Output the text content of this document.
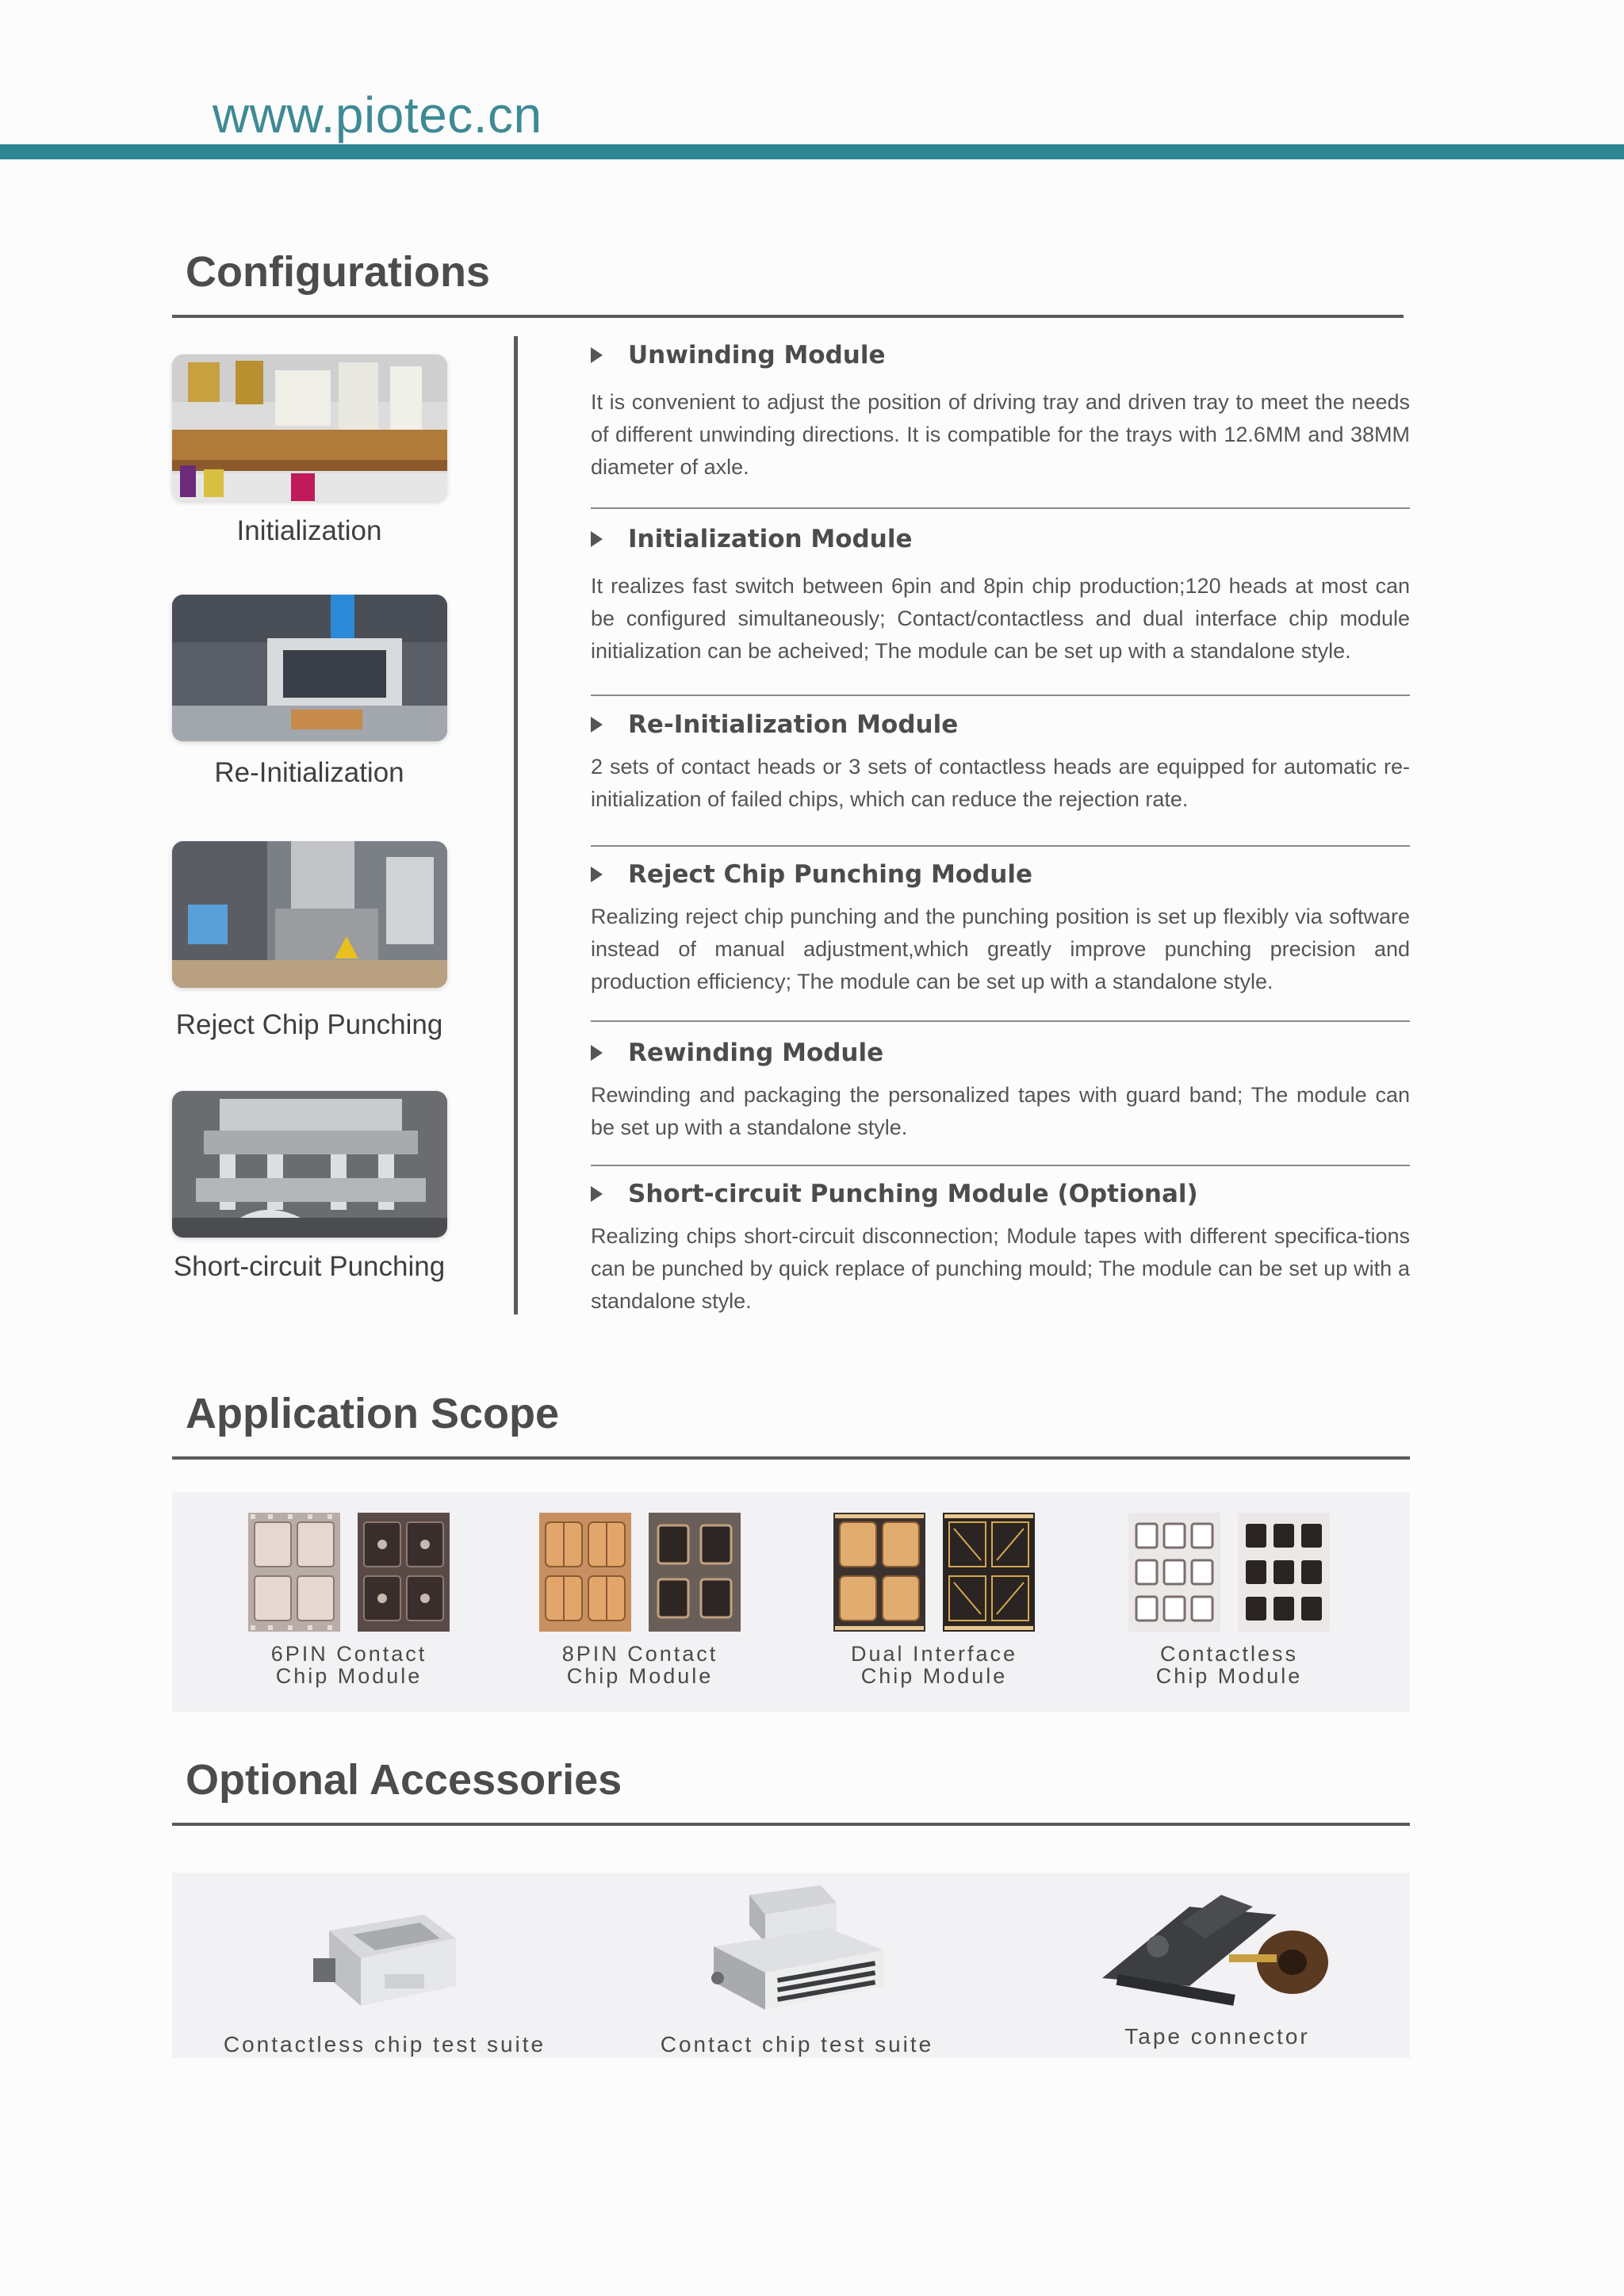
www.piotec.cn
Configurations
Initialization
Re-Initialization
Reject Chip Punching
Short-circuit Punching
Unwinding Module
It is convenient to adjust the position of driving tray and driven tray to meet the needs of different unwinding directions. It is compatible for the trays with 12.6MM and 38MM diameter of axle.
Initialization Module
It realizes fast switch between 6pin and 8pin chip production;120 heads at most can be configured simultaneously; Contact/contactless and dual interface chip module initialization can be acheived; The module can be set up with a standalone style.
Re-Initialization Module
2 sets of contact heads or 3 sets of contactless heads are equipped for automatic re-initialization of failed chips, which can reduce the rejection rate.
Reject Chip Punching Module
Realizing reject chip punching and the punching position is set up flexibly via software instead of manual adjustment,which greatly improve punching precision and production efficiency; The module can be set up with a standalone style.
Rewinding Module
Rewinding and packaging the personalized tapes with guard band; The module can be set up with a standalone style.
Short-circuit Punching Module (Optional)
Realizing chips short-circuit disconnection; Module tapes with different specifica-tions can be punched by quick replace of punching mould; The module can be set up with a standalone style.
Application Scope
6PIN Contact
Chip Module
8PIN Contact
Chip Module
Dual Interface
Chip Module
Contactless
Chip Module
Optional Accessories
Contactless chip test suite	Contact chip test suite	Tape connector
